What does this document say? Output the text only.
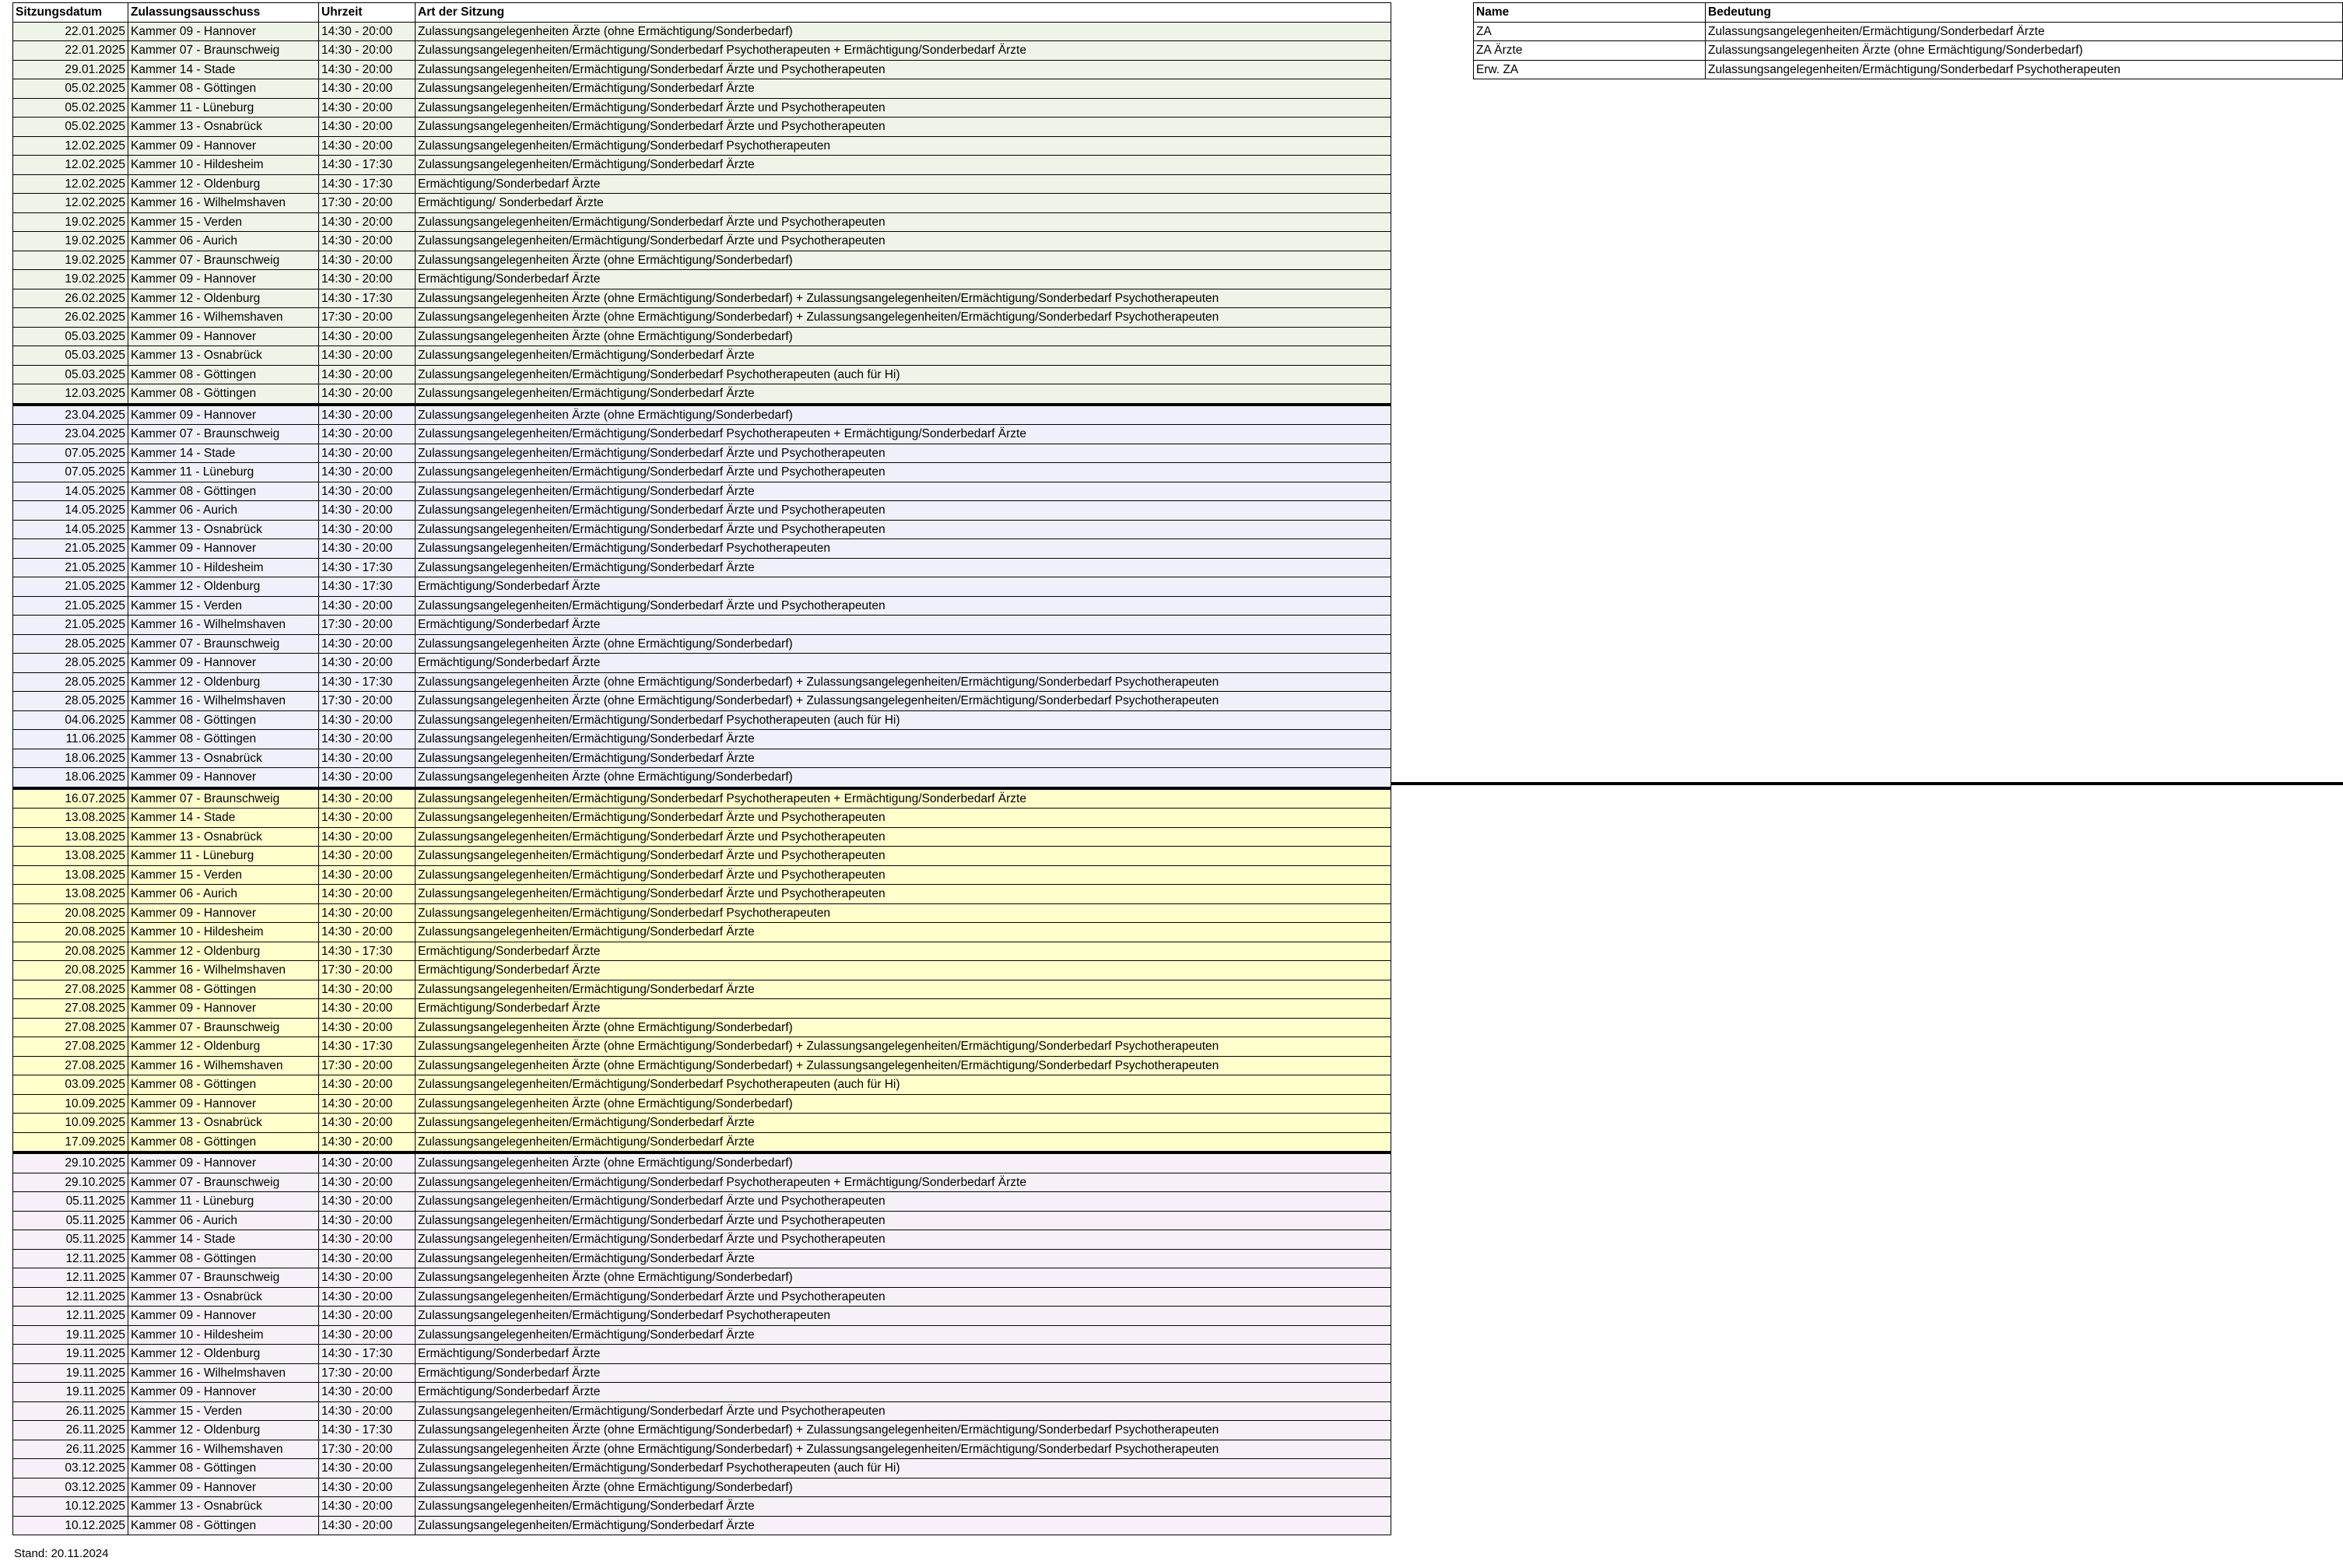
Sitzungsdatum	Zulassungsausschuss	Uhrzeit	Art der Sitzung
22.01.2025	Kammer 09 - Hannover	14:30 - 20:00	Zulassungsangelegenheiten Ärzte (ohne Ermächtigung/Sonderbedarf)
22.01.2025	Kammer 07 - Braunschweig	14:30 - 20:00	Zulassungsangelegenheiten/Ermächtigung/Sonderbedarf Psychotherapeuten + Ermächtigung/Sonderbedarf Ärzte
29.01.2025	Kammer 14 - Stade	14:30 - 20:00	Zulassungsangelegenheiten/Ermächtigung/Sonderbedarf Ärzte und Psychotherapeuten
05.02.2025	Kammer 08 - Göttingen	14:30 - 20:00	Zulassungsangelegenheiten/Ermächtigung/Sonderbedarf Ärzte
05.02.2025	Kammer 11 - Lüneburg	14:30 - 20:00	Zulassungsangelegenheiten/Ermächtigung/Sonderbedarf Ärzte und Psychotherapeuten
05.02.2025	Kammer 13 - Osnabrück	14:30 - 20:00	Zulassungsangelegenheiten/Ermächtigung/Sonderbedarf Ärzte und Psychotherapeuten
12.02.2025	Kammer 09 - Hannover	14:30 - 20:00	Zulassungsangelegenheiten/Ermächtigung/Sonderbedarf Psychotherapeuten
12.02.2025	Kammer 10 - Hildesheim	14:30 - 17:30	Zulassungsangelegenheiten/Ermächtigung/Sonderbedarf Ärzte
12.02.2025	Kammer 12 - Oldenburg	14:30 - 17:30	Ermächtigung/Sonderbedarf Ärzte
12.02.2025	Kammer 16 - Wilhelmshaven	17:30 - 20:00	Ermächtigung/ Sonderbedarf Ärzte
19.02.2025	Kammer 15 - Verden	14:30 - 20:00	Zulassungsangelegenheiten/Ermächtigung/Sonderbedarf Ärzte und Psychotherapeuten
19.02.2025	Kammer 06 - Aurich	14:30 - 20:00	Zulassungsangelegenheiten/Ermächtigung/Sonderbedarf Ärzte und Psychotherapeuten
19.02.2025	Kammer 07 - Braunschweig	14:30 - 20:00	Zulassungsangelegenheiten Ärzte (ohne Ermächtigung/Sonderbedarf)
19.02.2025	Kammer 09 - Hannover	14:30 - 20:00	Ermächtigung/Sonderbedarf Ärzte
26.02.2025	Kammer 12 - Oldenburg	14:30 - 17:30	Zulassungsangelegenheiten Ärzte (ohne Ermächtigung/Sonderbedarf) + Zulassungsangelegenheiten/Ermächtigung/Sonderbedarf Psychotherapeuten
26.02.2025	Kammer 16 - Wilhemshaven	17:30 - 20:00	Zulassungsangelegenheiten Ärzte (ohne Ermächtigung/Sonderbedarf) + Zulassungsangelegenheiten/Ermächtigung/Sonderbedarf Psychotherapeuten
05.03.2025	Kammer 09 - Hannover	14:30 - 20:00	Zulassungsangelegenheiten Ärzte (ohne Ermächtigung/Sonderbedarf)
05.03.2025	Kammer 13 - Osnabrück	14:30 - 20:00	Zulassungsangelegenheiten/Ermächtigung/Sonderbedarf Ärzte
05.03.2025	Kammer 08 - Göttingen	14:30 - 20:00	Zulassungsangelegenheiten/Ermächtigung/Sonderbedarf Psychotherapeuten (auch für Hi)
12.03.2025	Kammer 08 - Göttingen	14:30 - 20:00	Zulassungsangelegenheiten/Ermächtigung/Sonderbedarf Ärzte
23.04.2025	Kammer 09 - Hannover	14:30 - 20:00	Zulassungsangelegenheiten Ärzte (ohne Ermächtigung/Sonderbedarf)
23.04.2025	Kammer 07 - Braunschweig	14:30 - 20:00	Zulassungsangelegenheiten/Ermächtigung/Sonderbedarf Psychotherapeuten + Ermächtigung/Sonderbedarf Ärzte
07.05.2025	Kammer 14 - Stade	14:30 - 20:00	Zulassungsangelegenheiten/Ermächtigung/Sonderbedarf Ärzte und Psychotherapeuten
07.05.2025	Kammer 11 - Lüneburg	14:30 - 20:00	Zulassungsangelegenheiten/Ermächtigung/Sonderbedarf Ärzte und Psychotherapeuten
14.05.2025	Kammer 08 - Göttingen	14:30 - 20:00	Zulassungsangelegenheiten/Ermächtigung/Sonderbedarf Ärzte
14.05.2025	Kammer 06 - Aurich	14:30 - 20:00	Zulassungsangelegenheiten/Ermächtigung/Sonderbedarf Ärzte und Psychotherapeuten
14.05.2025	Kammer 13 - Osnabrück	14:30 - 20:00	Zulassungsangelegenheiten/Ermächtigung/Sonderbedarf Ärzte und Psychotherapeuten
21.05.2025	Kammer 09 - Hannover	14:30 - 20:00	Zulassungsangelegenheiten/Ermächtigung/Sonderbedarf Psychotherapeuten
21.05.2025	Kammer 10 - Hildesheim	14:30 - 17:30	Zulassungsangelegenheiten/Ermächtigung/Sonderbedarf Ärzte
21.05.2025	Kammer 12 - Oldenburg	14:30 - 17:30	Ermächtigung/Sonderbedarf Ärzte
21.05.2025	Kammer 15 - Verden	14:30 - 20:00	Zulassungsangelegenheiten/Ermächtigung/Sonderbedarf Ärzte und Psychotherapeuten
21.05.2025	Kammer 16 - Wilhelmshaven	17:30 - 20:00	Ermächtigung/Sonderbedarf Ärzte
28.05.2025	Kammer 07 - Braunschweig	14:30 - 20:00	Zulassungsangelegenheiten Ärzte (ohne Ermächtigung/Sonderbedarf)
28.05.2025	Kammer 09 - Hannover	14:30 - 20:00	Ermächtigung/Sonderbedarf Ärzte
28.05.2025	Kammer 12 - Oldenburg	14:30 - 17:30	Zulassungsangelegenheiten Ärzte (ohne Ermächtigung/Sonderbedarf) + Zulassungsangelegenheiten/Ermächtigung/Sonderbedarf Psychotherapeuten
28.05.2025	Kammer 16 - Wilhelmshaven	17:30 - 20:00	Zulassungsangelegenheiten Ärzte (ohne Ermächtigung/Sonderbedarf) + Zulassungsangelegenheiten/Ermächtigung/Sonderbedarf Psychotherapeuten
04.06.2025	Kammer 08 - Göttingen	14:30 - 20:00	Zulassungsangelegenheiten/Ermächtigung/Sonderbedarf Psychotherapeuten (auch für Hi)
11.06.2025	Kammer 08 - Göttingen	14:30 - 20:00	Zulassungsangelegenheiten/Ermächtigung/Sonderbedarf Ärzte
18.06.2025	Kammer 13 - Osnabrück	14:30 - 20:00	Zulassungsangelegenheiten/Ermächtigung/Sonderbedarf Ärzte
18.06.2025	Kammer 09 - Hannover	14:30 - 20:00	Zulassungsangelegenheiten Ärzte (ohne Ermächtigung/Sonderbedarf)
16.07.2025	Kammer 07 - Braunschweig	14:30 - 20:00	Zulassungsangelegenheiten/Ermächtigung/Sonderbedarf Psychotherapeuten + Ermächtigung/Sonderbedarf Ärzte
13.08.2025	Kammer 14 - Stade	14:30 - 20:00	Zulassungsangelegenheiten/Ermächtigung/Sonderbedarf Ärzte und Psychotherapeuten
13.08.2025	Kammer 13 - Osnabrück	14:30 - 20:00	Zulassungsangelegenheiten/Ermächtigung/Sonderbedarf Ärzte und Psychotherapeuten
13.08.2025	Kammer 11 - Lüneburg	14:30 - 20:00	Zulassungsangelegenheiten/Ermächtigung/Sonderbedarf Ärzte und Psychotherapeuten
13.08.2025	Kammer 15 - Verden	14:30 - 20:00	Zulassungsangelegenheiten/Ermächtigung/Sonderbedarf Ärzte und Psychotherapeuten
13.08.2025	Kammer 06 - Aurich	14:30 - 20:00	Zulassungsangelegenheiten/Ermächtigung/Sonderbedarf Ärzte und Psychotherapeuten
20.08.2025	Kammer 09 - Hannover	14:30 - 20:00	Zulassungsangelegenheiten/Ermächtigung/Sonderbedarf Psychotherapeuten
20.08.2025	Kammer 10 - Hildesheim	14:30 - 20:00	Zulassungsangelegenheiten/Ermächtigung/Sonderbedarf Ärzte
20.08.2025	Kammer 12 - Oldenburg	14:30 - 17:30	Ermächtigung/Sonderbedarf Ärzte
20.08.2025	Kammer 16 - Wilhelmshaven	17:30 - 20:00	Ermächtigung/Sonderbedarf Ärzte
27.08.2025	Kammer 08 - Göttingen	14:30 - 20:00	Zulassungsangelegenheiten/Ermächtigung/Sonderbedarf Ärzte
27.08.2025	Kammer 09 - Hannover	14:30 - 20:00	Ermächtigung/Sonderbedarf Ärzte
27.08.2025	Kammer 07 - Braunschweig	14:30 - 20:00	Zulassungsangelegenheiten Ärzte (ohne Ermächtigung/Sonderbedarf)
27.08.2025	Kammer 12 - Oldenburg	14:30 - 17:30	Zulassungsangelegenheiten Ärzte (ohne Ermächtigung/Sonderbedarf) + Zulassungsangelegenheiten/Ermächtigung/Sonderbedarf Psychotherapeuten
27.08.2025	Kammer 16 - Wilhemshaven	17:30 - 20:00	Zulassungsangelegenheiten Ärzte (ohne Ermächtigung/Sonderbedarf) + Zulassungsangelegenheiten/Ermächtigung/Sonderbedarf Psychotherapeuten
03.09.2025	Kammer 08 - Göttingen	14:30 - 20:00	Zulassungsangelegenheiten/Ermächtigung/Sonderbedarf Psychotherapeuten (auch für Hi)
10.09.2025	Kammer 09 - Hannover	14:30 - 20:00	Zulassungsangelegenheiten Ärzte (ohne Ermächtigung/Sonderbedarf)
10.09.2025	Kammer 13 - Osnabrück	14:30 - 20:00	Zulassungsangelegenheiten/Ermächtigung/Sonderbedarf Ärzte
17.09.2025	Kammer 08 - Göttingen	14:30 - 20:00	Zulassungsangelegenheiten/Ermächtigung/Sonderbedarf Ärzte
29.10.2025	Kammer 09 - Hannover	14:30 - 20:00	Zulassungsangelegenheiten Ärzte (ohne Ermächtigung/Sonderbedarf)
29.10.2025	Kammer 07 - Braunschweig	14:30 - 20:00	Zulassungsangelegenheiten/Ermächtigung/Sonderbedarf Psychotherapeuten + Ermächtigung/Sonderbedarf Ärzte
05.11.2025	Kammer 11 - Lüneburg	14:30 - 20:00	Zulassungsangelegenheiten/Ermächtigung/Sonderbedarf Ärzte und Psychotherapeuten
05.11.2025	Kammer 06 - Aurich	14:30 - 20:00	Zulassungsangelegenheiten/Ermächtigung/Sonderbedarf Ärzte und Psychotherapeuten
05.11.2025	Kammer 14 - Stade	14:30 - 20:00	Zulassungsangelegenheiten/Ermächtigung/Sonderbedarf Ärzte und Psychotherapeuten
12.11.2025	Kammer 08 - Göttingen	14:30 - 20:00	Zulassungsangelegenheiten/Ermächtigung/Sonderbedarf Ärzte
12.11.2025	Kammer 07 - Braunschweig	14:30 - 20:00	Zulassungsangelegenheiten Ärzte (ohne Ermächtigung/Sonderbedarf)
12.11.2025	Kammer 13 - Osnabrück	14:30 - 20:00	Zulassungsangelegenheiten/Ermächtigung/Sonderbedarf Ärzte und Psychotherapeuten
12.11.2025	Kammer 09 - Hannover	14:30 - 20:00	Zulassungsangelegenheiten/Ermächtigung/Sonderbedarf Psychotherapeuten
19.11.2025	Kammer 10 - Hildesheim	14:30 - 20:00	Zulassungsangelegenheiten/Ermächtigung/Sonderbedarf Ärzte
19.11.2025	Kammer 12 - Oldenburg	14:30 - 17:30	Ermächtigung/Sonderbedarf Ärzte
19.11.2025	Kammer 16 - Wilhelmshaven	17:30 - 20:00	Ermächtigung/Sonderbedarf Ärzte
19.11.2025	Kammer 09 - Hannover	14:30 - 20:00	Ermächtigung/Sonderbedarf Ärzte
26.11.2025	Kammer 15 - Verden	14:30 - 20:00	Zulassungsangelegenheiten/Ermächtigung/Sonderbedarf Ärzte und Psychotherapeuten
26.11.2025	Kammer 12 - Oldenburg	14:30 - 17:30	Zulassungsangelegenheiten Ärzte (ohne Ermächtigung/Sonderbedarf) + Zulassungsangelegenheiten/Ermächtigung/Sonderbedarf Psychotherapeuten
26.11.2025	Kammer 16 - Wilhemshaven	17:30 - 20:00	Zulassungsangelegenheiten Ärzte (ohne Ermächtigung/Sonderbedarf) + Zulassungsangelegenheiten/Ermächtigung/Sonderbedarf Psychotherapeuten
03.12.2025	Kammer 08 - Göttingen	14:30 - 20:00	Zulassungsangelegenheiten/Ermächtigung/Sonderbedarf Psychotherapeuten (auch für Hi)
03.12.2025	Kammer 09 - Hannover	14:30 - 20:00	Zulassungsangelegenheiten Ärzte (ohne Ermächtigung/Sonderbedarf)
10.12.2025	Kammer 13 - Osnabrück	14:30 - 20:00	Zulassungsangelegenheiten/Ermächtigung/Sonderbedarf Ärzte
10.12.2025	Kammer 08 - Göttingen	14:30 - 20:00	Zulassungsangelegenheiten/Ermächtigung/Sonderbedarf Ärzte
Name	Bedeutung
ZA	Zulassungsangelegenheiten/Ermächtigung/Sonderbedarf Ärzte
ZA Ärzte	Zulassungsangelegenheiten Ärzte (ohne Ermächtigung/Sonderbedarf)
Erw. ZA	Zulassungsangelegenheiten/Ermächtigung/Sonderbedarf Psychotherapeuten
Stand: 20.11.2024
